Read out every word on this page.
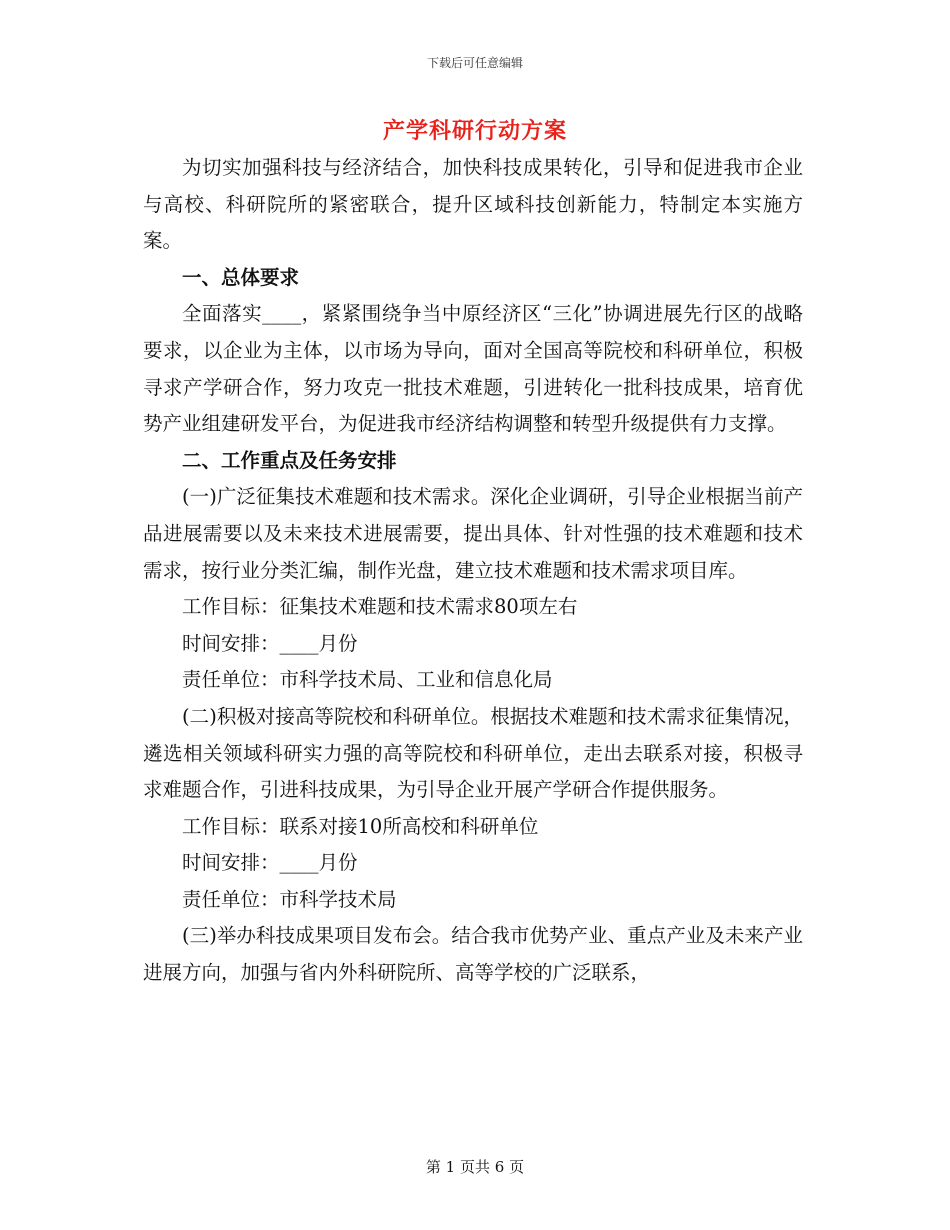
下载后可任意编辑
产学科研行动方案

为切实加强科技与经济结合，加快科技成果转化，引导和促进我市企业与高校、科研院所的紧密联合，提升区域科技创新能力，特制定本实施方案。

一、总体要求

全面落实____，紧紧围绕争当中原经济区“三化”协调进展先行区的战略要求，以企业为主体，以市场为导向，面对全国高等院校和科研单位，积极寻求产学研合作，努力攻克一批技术难题，引进转化一批科技成果，培育优势产业组建研发平台，为促进我市经济结构调整和转型升级提供有力支撑。

二、工作重点及任务安排

(一)广泛征集技术难题和技术需求。深化企业调研，引导企业根据当前产品进展需要以及未来技术进展需要，提出具体、针对性强的技术难题和技术需求，按行业分类汇编，制作光盘，建立技术难题和技术需求项目库。

工作目标：征集技术难题和技术需求80项左右

时间安排：____月份

责任单位：市科学技术局、工业和信息化局

(二)积极对接高等院校和科研单位。根据技术难题和技术需求征集情况，遴选相关领域科研实力强的高等院校和科研单位，走出去联系对接，积极寻求难题合作，引进科技成果，为引导企业开展产学研合作提供服务。

工作目标：联系对接10所高校和科研单位

时间安排：____月份

责任单位：市科学技术局

(三)举办科技成果项目发布会。结合我市优势产业、重点产业及未来产业进展方向，加强与省内外科研院所、高等学校的广泛联系，

第 1 页共 6 页
